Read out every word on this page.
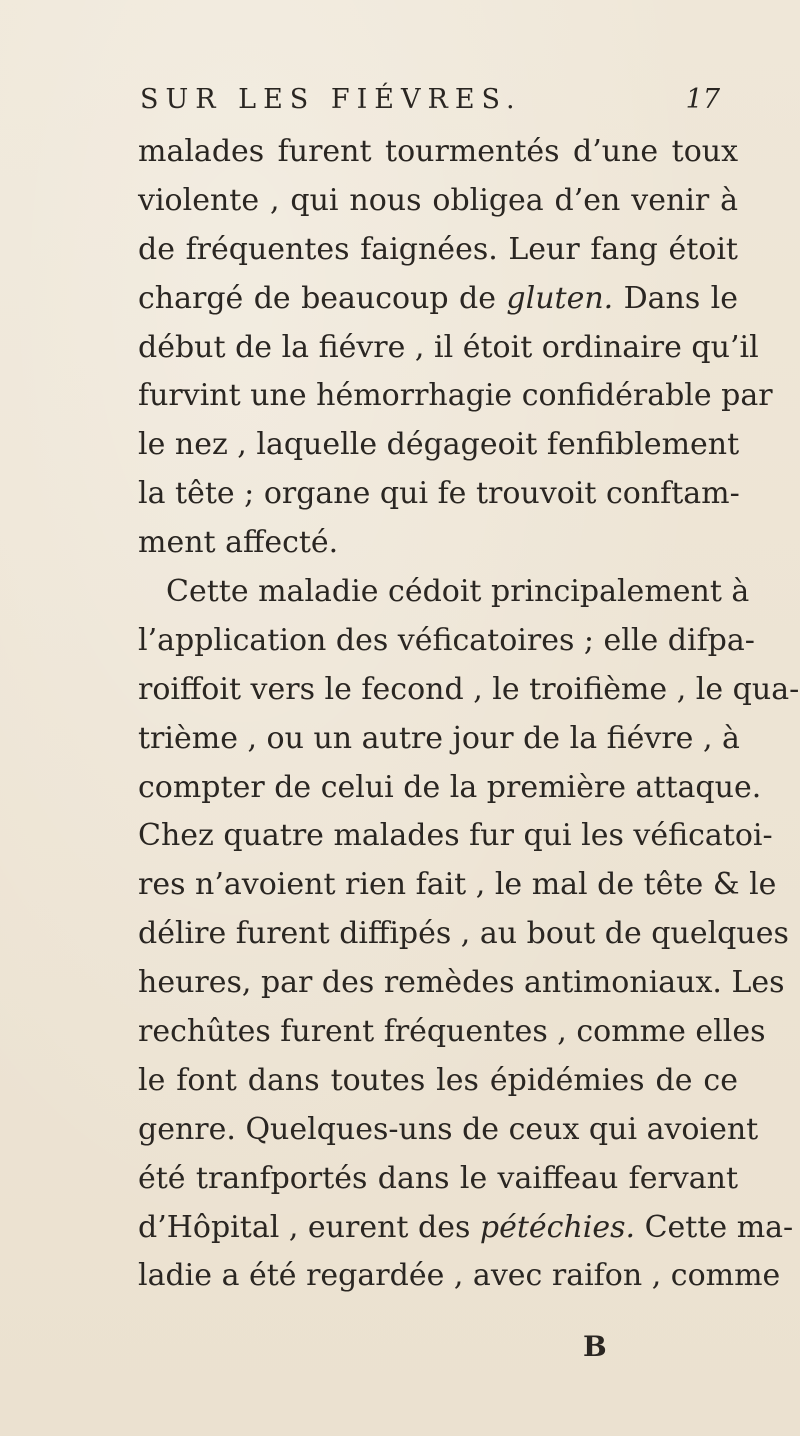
SUR LES FIÉVRES.	17
malades furent tourmentés d’une toux
violente , qui nous obligea d’en venir à
de fréquentes faignées. Leur fang étoit
chargé de beaucoup de gluten. Dans le
début de la fiévre , il étoit ordinaire qu’il
furvint une hémorrhagie confidérable par
le nez , laquelle dégageoit fenfiblement
la tête ; organe qui fe trouvoit conftam-
ment affecté.
Cette maladie cédoit principalement à
l’application des véficatoires ; elle difpa-
roiffoit vers le fecond , le troifième , le qua-
trième , ou un autre jour de la fiévre , à
compter de celui de la première attaque.
Chez quatre malades fur qui les véficatoi-
res n’avoient rien fait , le mal de tête & le
délire furent diffipés , au bout de quelques
heures, par des remèdes antimoniaux. Les
rechûtes furent fréquentes , comme elles
le font dans toutes les épidémies de ce
genre. Quelques-uns de ceux qui avoient
été tranfportés dans le vaiffeau fervant
d’Hôpital , eurent des pétéchies. Cette ma-
ladie a été regardée , avec raifon , comme
B
